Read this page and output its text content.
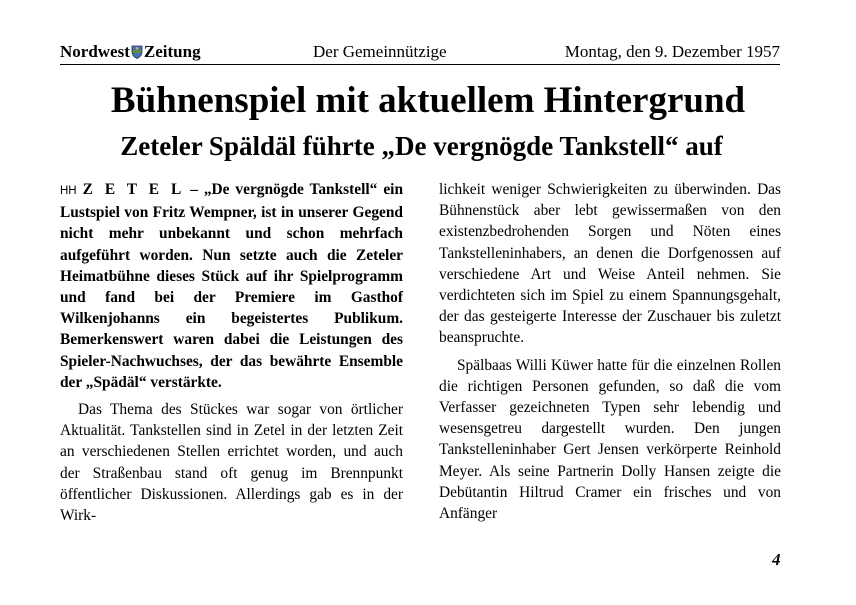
Nordwest Zeitung	Der Gemeinnützige	Montag, den 9. Dezember 1957
Bühnenspiel mit aktuellem Hintergrund
Zeteler Späldäl führte „De vergnögde Tankstell“ auf

HH Z E T E L – „De vergnögde Tankstell“ ein Lustspiel von Fritz Wempner, ist in unserer Gegend nicht mehr unbekannt und schon mehrfach aufgeführt worden. Nun setzte auch die Zeteler Heimatbühne dieses Stück auf ihr Spielprogramm und fand bei der Premiere im Gasthof Wilkenjohanns ein begeistertes Publikum. Bemerkenswert waren dabei die Leistungen des Spieler-Nachwuchses, der das bewährte Ensemble der „Spädäl“ verstärkte.

Das Thema des Stückes war sogar von örtlicher Aktualität. Tankstellen sind in Zetel in der letzten Zeit an verschiedenen Stellen errichtet worden, und auch der Straßenbau stand oft genug im Brennpunkt öffentlicher Diskussionen. Allerdings gab es in der Wirk-

lichkeit weniger Schwierigkeiten zu überwinden. Das Bühnenstück aber lebt gewissermaßen von den existenzbedrohenden Sorgen und Nöten eines Tankstelleninhabers, an denen die Dorfgenossen auf verschiedene Art und Weise Anteil nehmen. Sie verdichteten sich im Spiel zu einem Spannungsgehalt, der das gesteigerte Interesse der Zuschauer bis zuletzt beanspruchte.

Spälbaas Willi Küwer hatte für die einzelnen Rollen die richtigen Personen gefunden, so daß die vom Verfasser gezeichneten Typen sehr lebendig und wesensgetreu dargestellt wurden. Den jungen Tankstelleninhaber Gert Jensen verkörperte Reinhold Meyer. Als seine Partnerin Dolly Hansen zeigte die Debütantin Hiltrud Cramer ein frisches und von Anfänger

4
